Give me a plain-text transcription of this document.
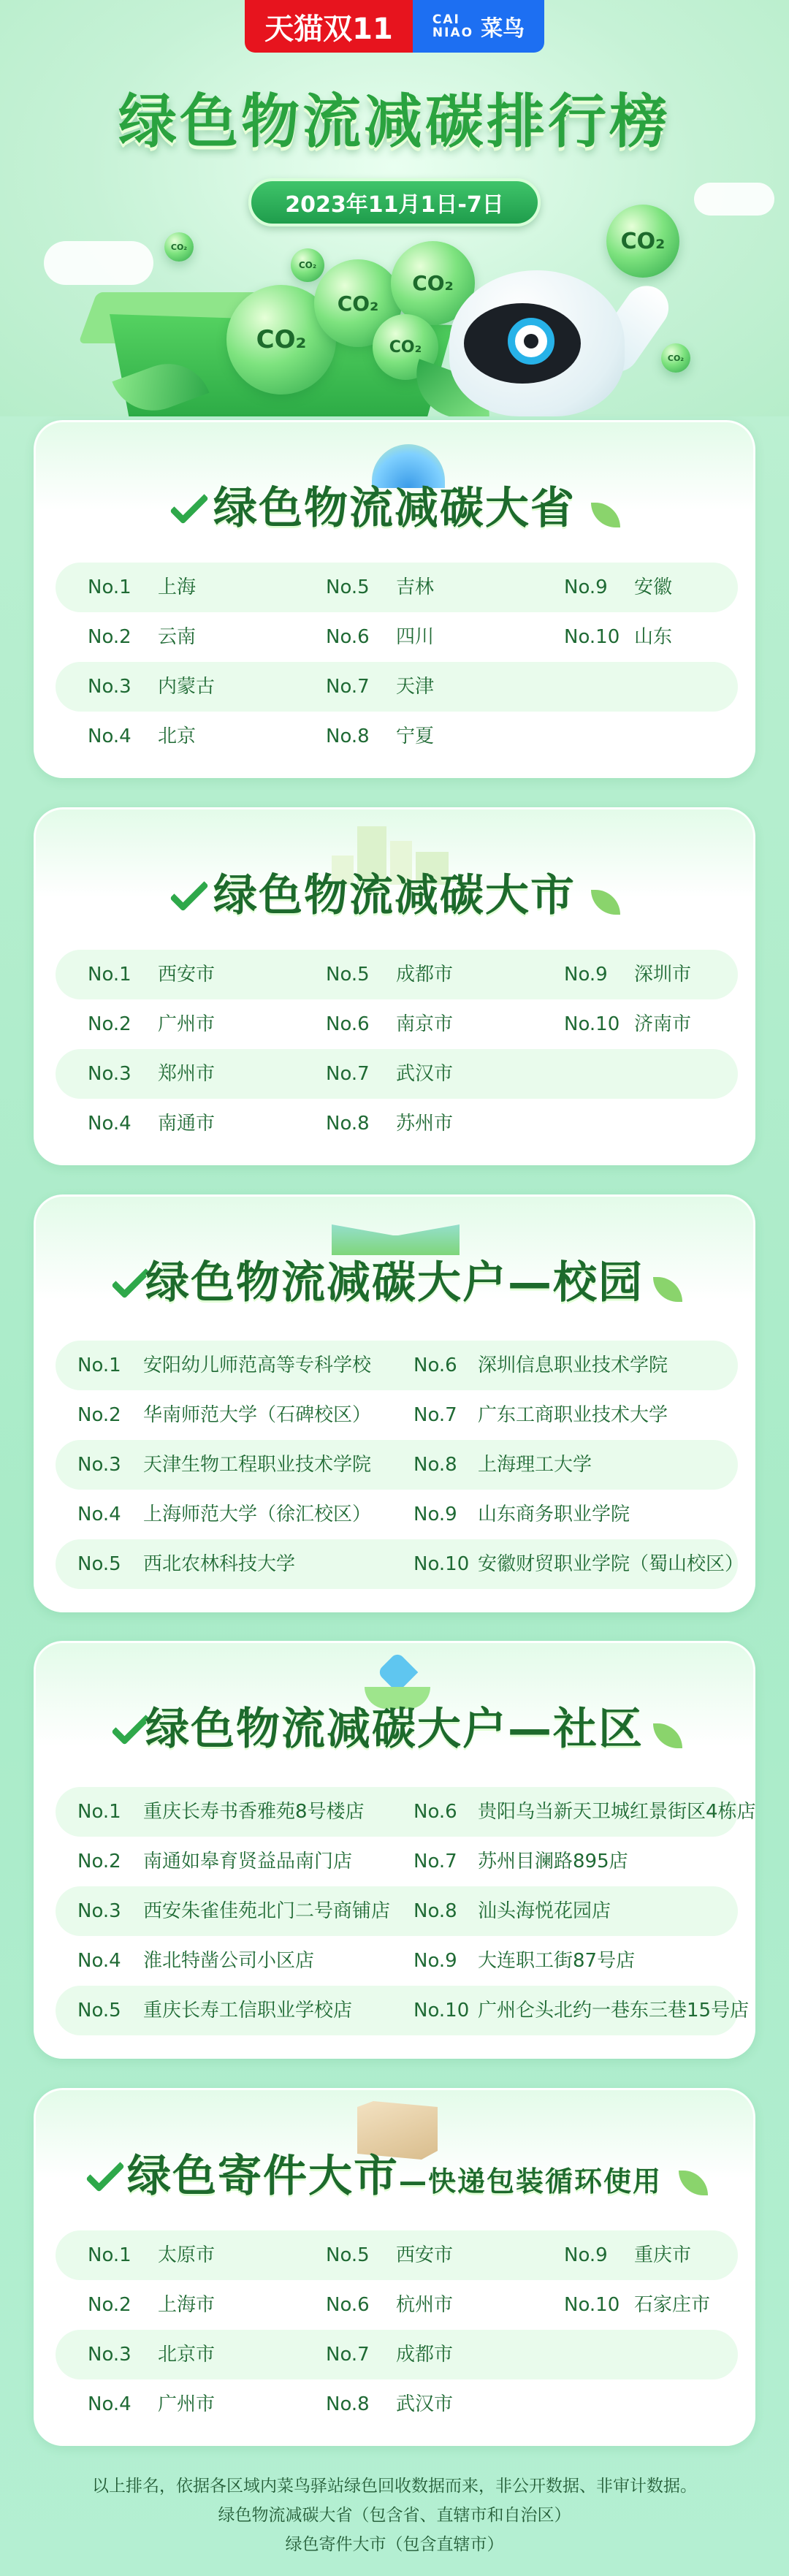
天猫双11	CAI
NIAO 菜鸟
绿色物流减碳排行榜
2023年11月1日-7日
CO₂
CO₂
CO₂
CO₂
CO₂
CO₂
CO₂
CO₂
绿色物流减碳大省
No.1 上海	No.5 吉林	No.9 安徽
No.2 云南	No.6 四川	No.10 山东
No.3 内蒙古	No.7 天津
No.4 北京	No.8 宁夏
绿色物流减碳大市
No.1 西安市	No.5 成都市	No.9 深圳市
No.2 广州市	No.6 南京市	No.10 济南市
No.3 郑州市	No.7 武汉市
No.4 南通市	No.8 苏州市
绿色物流减碳大户—校园
No.1 安阳幼儿师范高等专科学校 No.6 深圳信息职业技术学院
No.2 华南师范大学（石碑校区） No.7 广东工商职业技术大学
No.3 天津生物工程职业技术学院 No.8 上海理工大学
No.4 上海师范大学（徐汇校区） No.9 山东商务职业学院
No.5 西北农林科技大学	No.10 安徽财贸职业学院（蜀山校区）
绿色物流减碳大户—社区
No.1 重庆长寿书香雅苑8号楼店	No.6 贵阳乌当新天卫城红景街区4栋店
No.2 南通如皋育贤益品南门店	No.7 苏州目澜路895店
No.3 西安朱雀佳苑北门二号商铺店 No.8 汕头海悦花园店
No.4 淮北特凿公司小区店	No.9 大连职工街87号店
No.5 重庆长寿工信职业学校店	No.10 广州仑头北约一巷东三巷15号店
绿色寄件大市—快递包装循环使用
No.1 太原市	No.5 西安市	No.9 重庆市
No.2 上海市	No.6 杭州市	No.10 石家庄市
No.3 北京市	No.7 成都市
No.4 广州市	No.8 武汉市
以上排名，依据各区域内菜鸟驿站绿色回收数据而来，非公开数据、非审计数据。
绿色物流减碳大省（包含省、直辖市和自治区）
绿色寄件大市（包含直辖市）
